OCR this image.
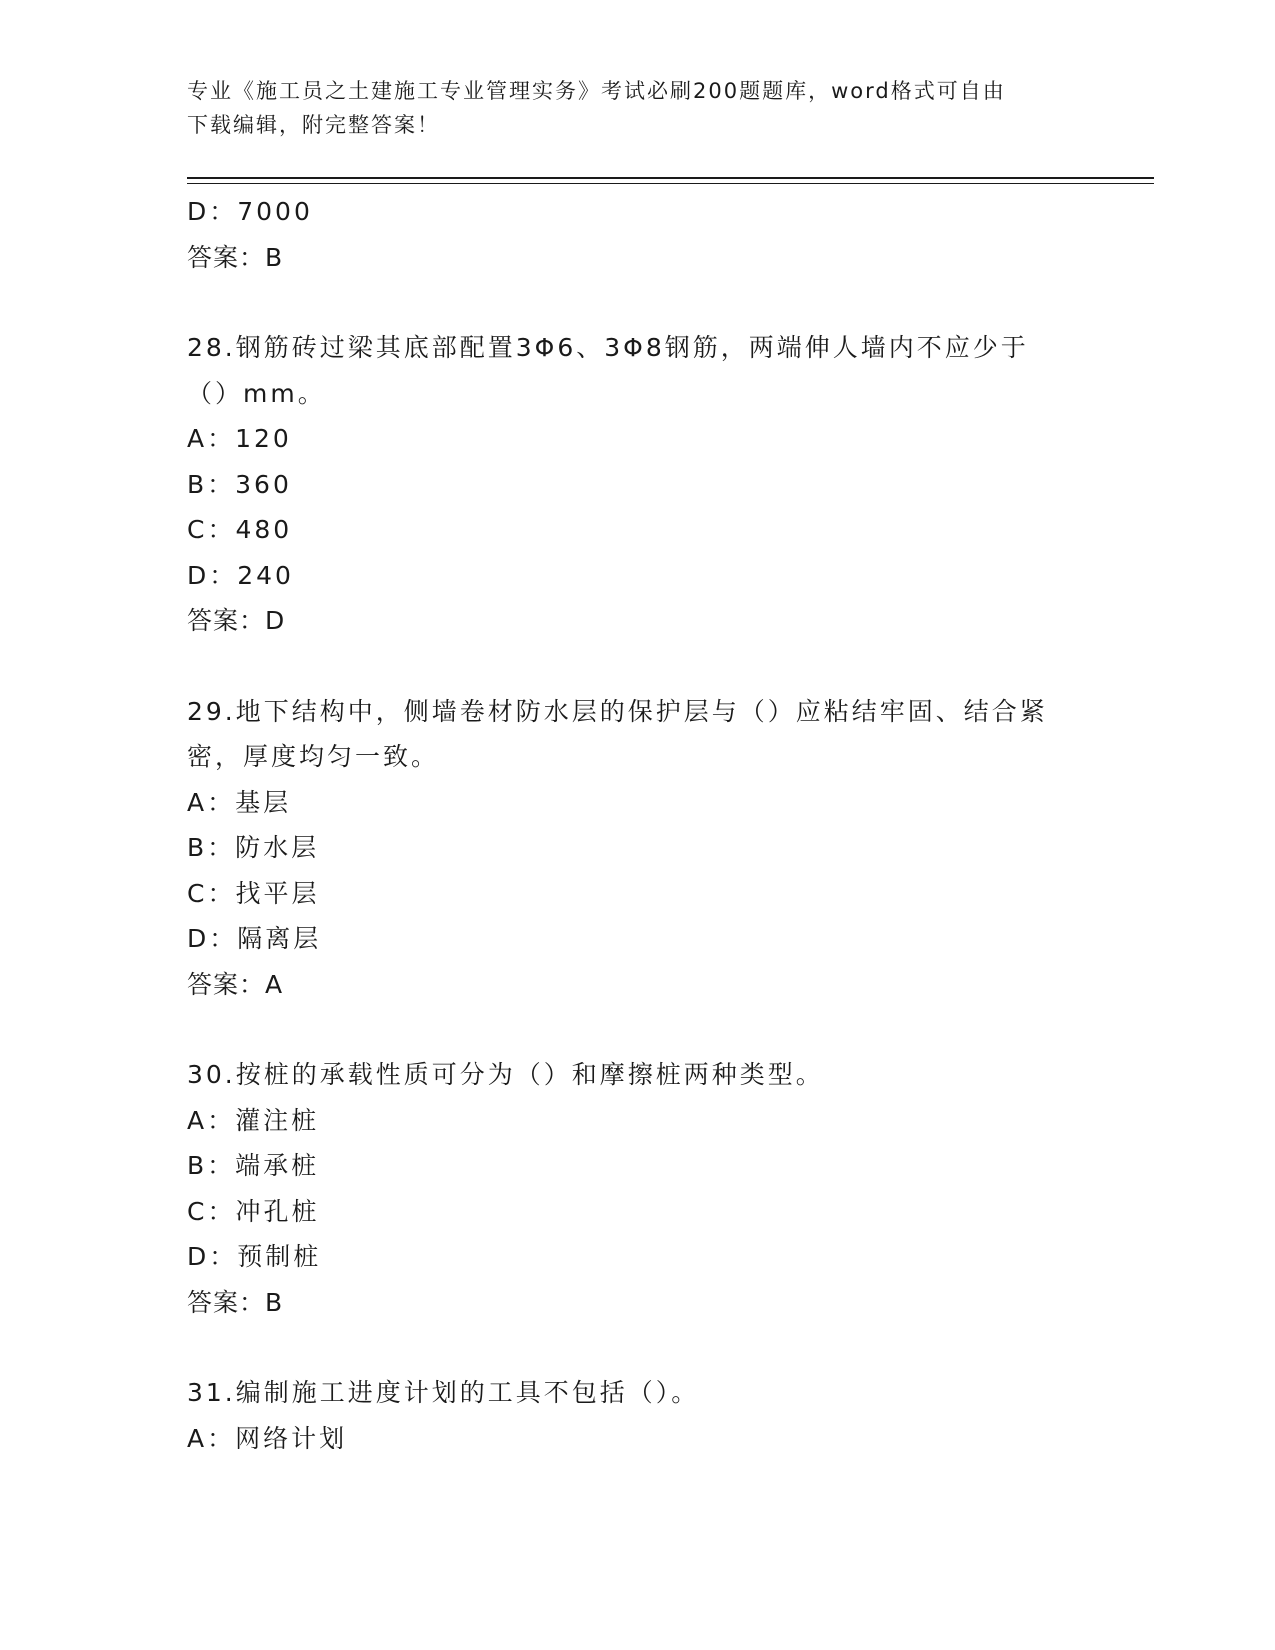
专业《施工员之土建施工专业管理实务》考试必刷200题题库，word格式可自由
下载编辑，附完整答案！
D：7000
答案：B
28.钢筋砖过梁其底部配置3Φ6、3Φ8钢筋，两端伸人墙内不应少于
（）mm。
A：120
B：360
C：480
D：240
答案：D
29.地下结构中，侧墙卷材防水层的保护层与（）应粘结牢固、结合紧
密，厚度均匀一致。
A：基层
B：防水层
C：找平层
D：隔离层
答案：A
30.按桩的承载性质可分为（）和摩擦桩两种类型。
A：灌注桩
B：端承桩
C：冲孔桩
D：预制桩
答案：B
31.编制施工进度计划的工具不包括（）。
A：网络计划
